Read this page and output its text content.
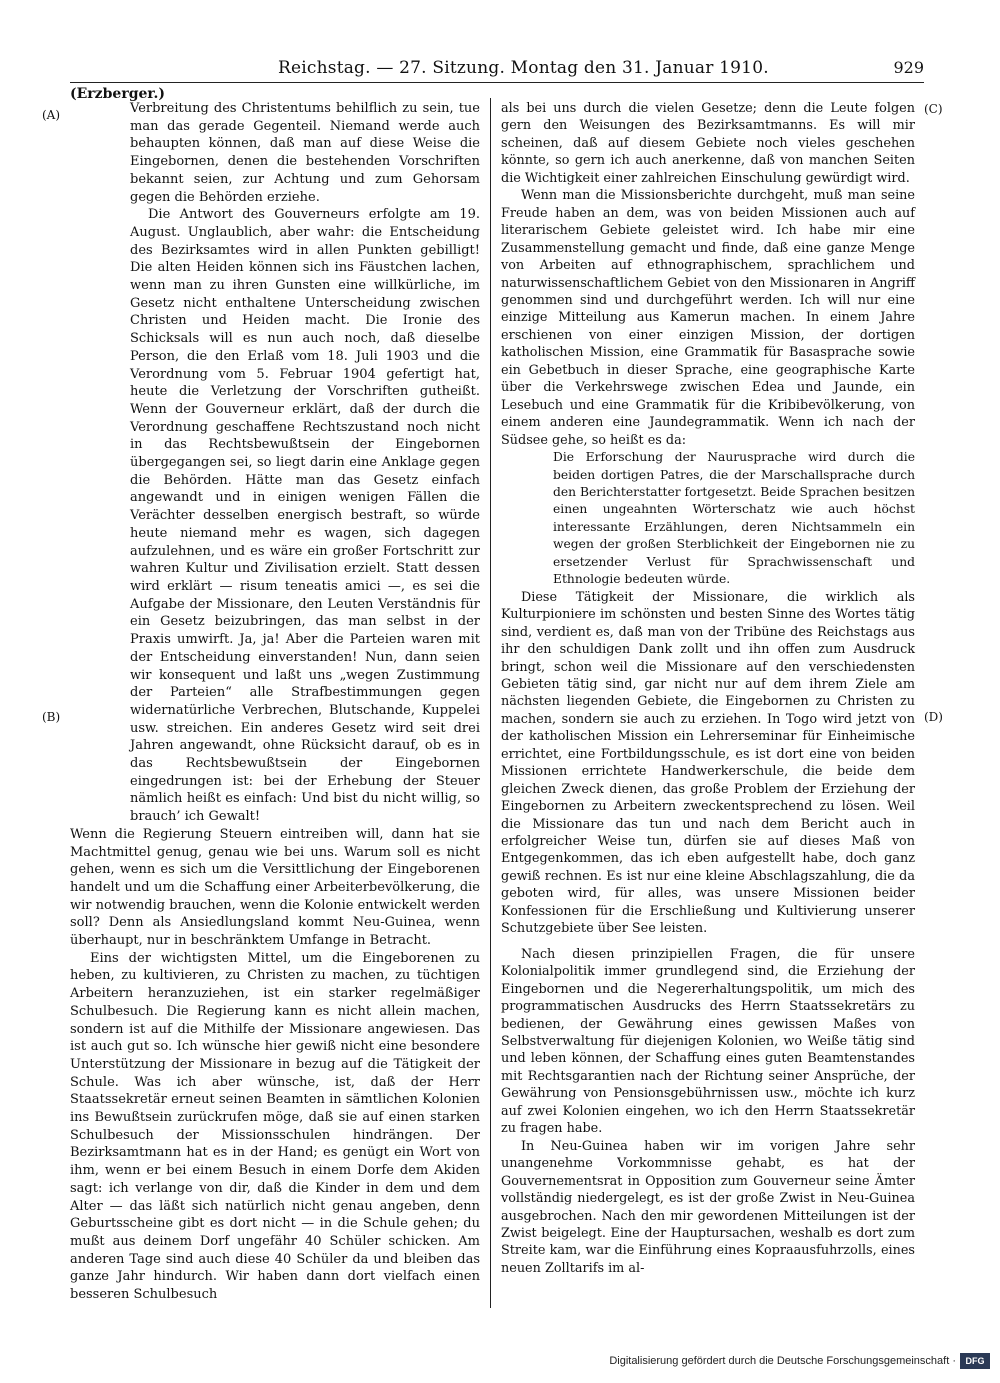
Reichstag. — 27. Sitzung. Montag den 31. Januar 1910.	929
(Erzberger.)
(A)
(B)
(C)
(D)

Verbreitung des Christentums behilflich zu sein, tue man das gerade Gegenteil. Niemand werde auch behaupten können, daß man auf diese Weise die Eingebornen, denen die bestehenden Vorschriften bekannt seien, zur Achtung und zum Gehorsam gegen die Behörden erziehe.

Die Antwort des Gouverneurs erfolgte am 19. August. Unglaublich, aber wahr: die Entscheidung des Bezirksamtes wird in allen Punkten gebilligt! Die alten Heiden können sich ins Fäustchen lachen, wenn man zu ihren Gunsten eine willkürliche, im Gesetz nicht enthaltene Unterscheidung zwischen Christen und Heiden macht. Die Ironie des Schicksals will es nun auch noch, daß dieselbe Person, die den Erlaß vom 18. Juli 1903 und die Verordnung vom 5. Februar 1904 gefertigt hat, heute die Verletzung der Vorschriften gutheißt. Wenn der Gouverneur erklärt, daß der durch die Verordnung geschaffene Rechtszustand noch nicht in das Rechtsbewußtsein der Eingebornen übergegangen sei, so liegt darin eine Anklage gegen die Behörden. Hätte man das Gesetz einfach angewandt und in einigen wenigen Fällen die Verächter desselben energisch bestraft, so würde heute niemand mehr es wagen, sich dagegen aufzulehnen, und es wäre ein großer Fortschritt zur wahren Kultur und Zivilisation erzielt. Statt dessen wird erklärt — risum teneatis amici —, es sei die Aufgabe der Missionare, den Leuten Verständnis für ein Gesetz beizubringen, das man selbst in der Praxis umwirft. Ja, ja! Aber die Parteien waren mit der Entscheidung einverstanden! Nun, dann seien wir konsequent und laßt uns „wegen Zustimmung der Parteien“ alle Strafbestimmungen gegen widernatürliche Verbrechen, Blutschande, Kuppelei usw. streichen. Ein anderes Gesetz wird seit drei Jahren angewandt, ohne Rücksicht darauf, ob es in das Rechtsbewußtsein der Eingebornen eingedrungen ist: bei der Erhebung der Steuer nämlich heißt es einfach: Und bist du nicht willig, so brauch’ ich Gewalt!

Wenn die Regierung Steuern eintreiben will, dann hat sie Machtmittel genug, genau wie bei uns. Warum soll es nicht gehen, wenn es sich um die Versittlichung der Eingeborenen handelt und um die Schaffung einer Arbeiterbevölkerung, die wir notwendig brauchen, wenn die Kolonie entwickelt werden soll? Denn als Ansiedlungsland kommt Neu-Guinea, wenn überhaupt, nur in beschränktem Umfange in Betracht.

Eins der wichtigsten Mittel, um die Eingeborenen zu heben, zu kultivieren, zu Christen zu machen, zu tüchtigen Arbeitern heranzuziehen, ist ein starker regelmäßiger Schulbesuch. Die Regierung kann es nicht allein machen, sondern ist auf die Mithilfe der Missionare angewiesen. Das ist auch gut so. Ich wünsche hier gewiß nicht eine besondere Unterstützung der Missionare in bezug auf die Tätigkeit der Schule. Was ich aber wünsche, ist, daß der Herr Staatssekretär erneut seinen Beamten in sämtlichen Kolonien ins Bewußtsein zurückrufen möge, daß sie auf einen starken Schulbesuch der Missionsschulen hindrängen. Der Bezirksamtmann hat es in der Hand; es genügt ein Wort von ihm, wenn er bei einem Besuch in einem Dorfe dem Akiden sagt: ich verlange von dir, daß die Kinder in dem und dem Alter — das läßt sich natürlich nicht genau angeben, denn Geburtsscheine gibt es dort nicht — in die Schule gehen; du mußt aus deinem Dorf ungefähr 40 Schüler schicken. Am anderen Tage sind auch diese 40 Schüler da und bleiben das ganze Jahr hindurch. Wir haben dann dort vielfach einen besseren Schulbesuch

als bei uns durch die vielen Gesetze; denn die Leute folgen gern den Weisungen des Bezirksamtmanns. Es will mir scheinen, daß auf diesem Gebiete noch vieles geschehen könnte, so gern ich auch anerkenne, daß von manchen Seiten die Wichtigkeit einer zahlreichen Einschulung gewürdigt wird.

Wenn man die Missionsberichte durchgeht, muß man seine Freude haben an dem, was von beiden Missionen auch auf literarischem Gebiete geleistet wird. Ich habe mir eine Zusammenstellung gemacht und finde, daß eine ganze Menge von Arbeiten auf ethnographischem, sprachlichem und naturwissenschaftlichem Gebiet von den Missionaren in Angriff genommen sind und durchgeführt werden. Ich will nur eine einzige Mitteilung aus Kamerun machen. In einem Jahre erschienen von einer einzigen Mission, der dortigen katholischen Mission, eine Grammatik für Basasprache sowie ein Gebetbuch in dieser Sprache, eine geographische Karte über die Verkehrswege zwischen Edea und Jaunde, ein Lesebuch und eine Grammatik für die Kribibevölkerung, von einem anderen eine Jaundegrammatik. Wenn ich nach der Südsee gehe, so heißt es da:

Die Erforschung der Naurusprache wird durch die beiden dortigen Patres, die der Marschallsprache durch den Berichterstatter fortgesetzt. Beide Sprachen besitzen einen ungeahnten Wörterschatz wie auch höchst interessante Erzählungen, deren Nichtsammeln ein wegen der großen Sterblichkeit der Eingebornen nie zu ersetzender Verlust für Sprachwissenschaft und Ethnologie bedeuten würde.

Diese Tätigkeit der Missionare, die wirklich als Kulturpioniere im schönsten und besten Sinne des Wortes tätig sind, verdient es, daß man von der Tribüne des Reichstags aus ihr den schuldigen Dank zollt und ihn offen zum Ausdruck bringt, schon weil die Missionare auf den verschiedensten Gebieten tätig sind, gar nicht nur auf dem ihrem Ziele am nächsten liegenden Gebiete, die Eingebornen zu Christen zu machen, sondern sie auch zu erziehen. In Togo wird jetzt von der katholischen Mission ein Lehrerseminar für Einheimische errichtet, eine Fortbildungsschule, es ist dort eine von beiden Missionen errichtete Handwerkerschule, die beide dem gleichen Zweck dienen, das große Problem der Erziehung der Eingebornen zu Arbeitern zweckentsprechend zu lösen. Weil die Missionare das tun und nach dem Bericht auch in erfolgreicher Weise tun, dürfen sie auf dieses Maß von Entgegenkommen, das ich eben aufgestellt habe, doch ganz gewiß rechnen. Es ist nur eine kleine Abschlagszahlung, die da geboten wird, für alles, was unsere Missionen beider Konfessionen für die Erschließung und Kultivierung unserer Schutzgebiete über See leisten.

Nach diesen prinzipiellen Fragen, die für unsere Kolonialpolitik immer grundlegend sind, die Erziehung der Eingebornen und die Negererhaltungspolitik, um mich des programmatischen Ausdrucks des Herrn Staatssekretärs zu bedienen, der Gewährung eines gewissen Maßes von Selbstverwaltung für diejenigen Kolonien, wo Weiße tätig sind und leben können, der Schaffung eines guten Beamtenstandes mit Rechtsgarantien nach der Richtung seiner Ansprüche, der Gewährung von Pensionsgebührnissen usw., möchte ich kurz auf zwei Kolonien eingehen, wo ich den Herrn Staatssekretär zu fragen habe.

In Neu-Guinea haben wir im vorigen Jahre sehr unangenehme Vorkommnisse gehabt, es hat der Gouvernementsrat in Opposition zum Gouverneur seine Ämter vollständig niedergelegt, es ist der große Zwist in Neu-Guinea ausgebrochen. Nach den mir gewordenen Mitteilungen ist der Zwist beigelegt. Eine der Hauptursachen, weshalb es dort zum Streite kam, war die Einführung eines Kopraausfuhrzolls, eines neuen Zolltarifs im al-

Digitalisierung gefördert durch die Deutsche Forschungsgemeinschaft ·	DFG
